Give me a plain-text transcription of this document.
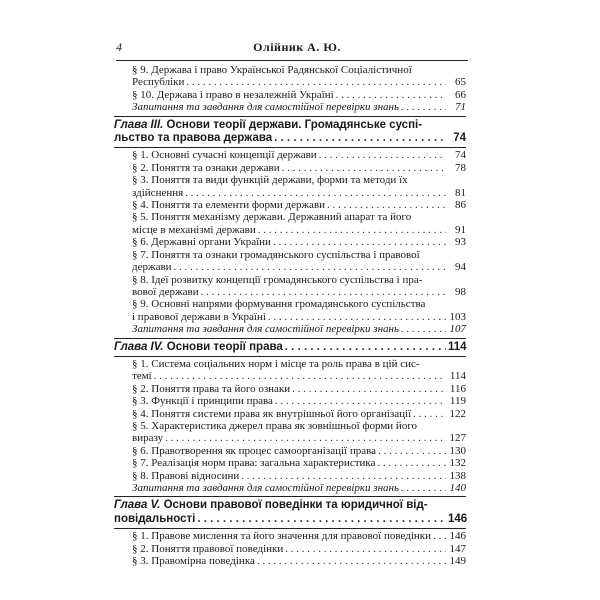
4	Олійник А. Ю.
§ 9. Держава і право Української Радянської Соціалістичної
Республіки . . .	65
§ 10. Держава і право в незалежній Україні . . .	66
Запитання та завдання для самостійної перевірки знань . . .	71
Глава III. Основи теорії держави. Громадянське суспі-
льство та правова держава . . .	74
§ 1. Основні сучасні концепції держави . . .	74
§ 2. Поняття та ознаки держави . . .	78
§ 3. Поняття та види функцій держави, форми та методи їх
здійснення . . .	81
§ 4. Поняття та елементи форми держави . . .	86
§ 5. Поняття механізму держави. Державний апарат та його
місце в механізмі держави . . .	91
§ 6. Державні органи України . . .	93
§ 7. Поняття та ознаки громадянського суспільства і правової
держави . . .	94
§ 8. Ідеї розвитку концепції громадянського суспільства і пра-
вової держави . . .	98
§ 9. Основні напрями формування громадянського суспільства
і правової держави в Україні . . .	103
Запитання та завдання для самостійної перевірки знань . . .	107
Глава IV. Основи теорії права . . .	114
§ 1. Система соціальних норм і місце та роль права в цій сис-
темі . . .	114
§ 2. Поняття права та його ознаки . . .	116
§ 3. Функції і принципи права . . .	119
§ 4. Поняття системи права як внутрішньої його організації . . .	122
§ 5. Характеристика джерел права як зовнішньої форми його
виразу . . .	127
§ 6. Правотворення як процес самоорганізації права . . .	130
§ 7. Реалізація норм права: загальна характеристика . . .	132
§ 8. Правові відносини . . .	138
Запитання та завдання для самостійної перевірки знань . . .	140
Глава V. Основи правової поведінки та юридичної від-
повідальності . . .	146
§ 1. Правове мислення та його значення для правової поведінки . . . 146
§ 2. Поняття правової поведінки . . .	147
§ 3. Правомірна поведінка . . .	149
